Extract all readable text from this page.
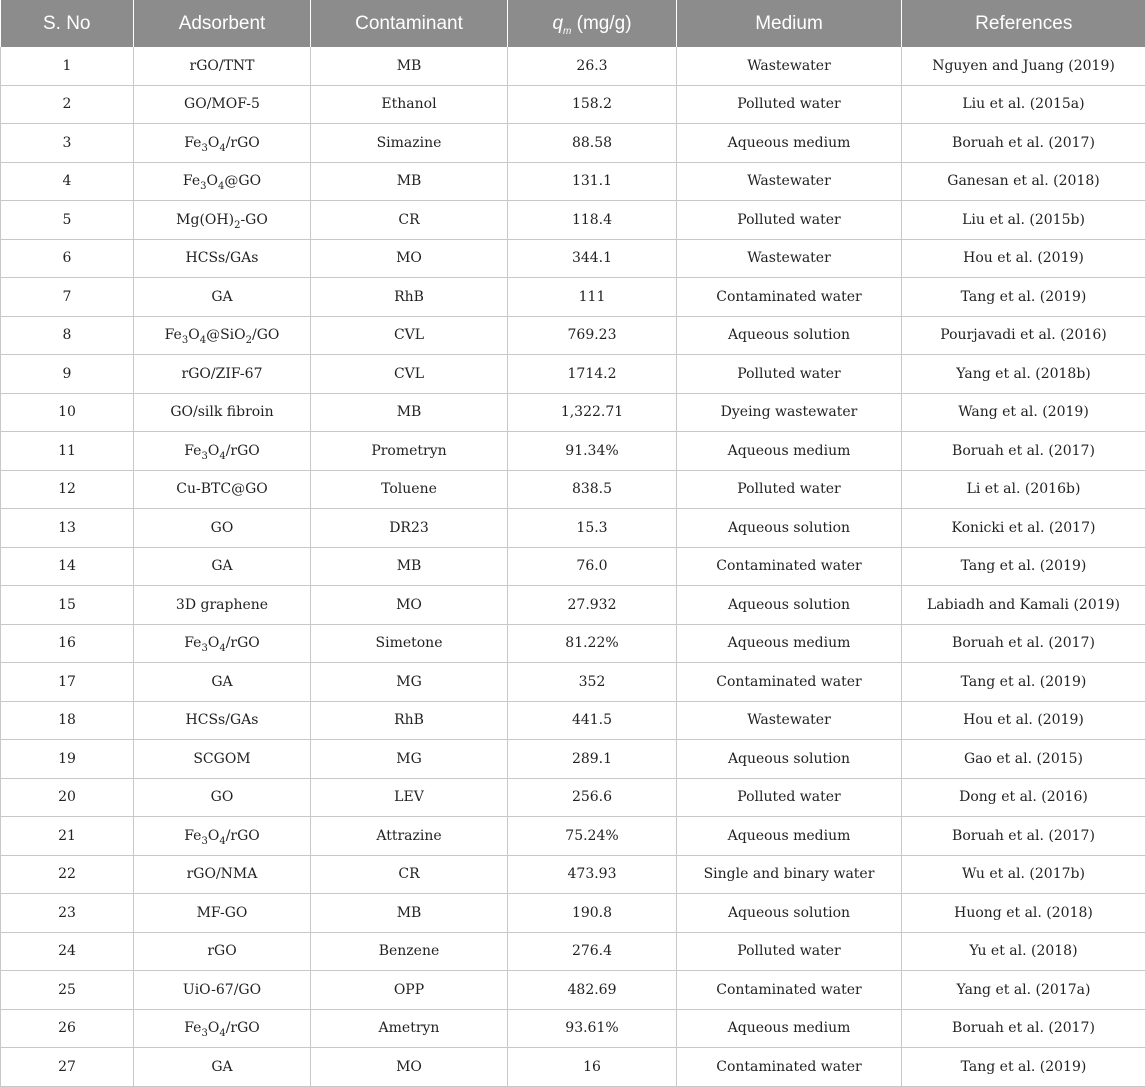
S. No	Adsorbent	Contaminant	$q_m$ (mg/g)	Medium	References
1	rGO/TNT	MB	26.3	Wastewater	Nguyen and Juang (2019)
2	GO/MOF-5	Ethanol	158.2	Polluted water	Liu et al. (2015a)
3	$Fe_3O_4$/rGO	Simazine	88.58	Aqueous medium	Boruah et al. (2017)
4	$Fe_3O_4@GO$	MB	131.1	Wastewater	Ganesan et al. (2018)
5	$Mg(OH)_2-GO$	CR	118.4	Polluted water	Liu et al. (2015b)
6	HCSs/GAs	MO	344.1	Wastewater	Hou et al. (2019)
7	GA	RhB	111	Contaminated water	Tang et al. (2019)
8	$Fe_3O_4@SiO_2/GO$	CVL	769.23	Aqueous solution	Pourjavadi et al. (2016)
9	rGO/ZIF-67	CVL	1714.2	Polluted water	Yang et al. (2018b)
10	GO/silk fibroin	MB	1,322.71	Dyeing wastewater	Wang et al. (2019)
11	$Fe_3O_4$/rGO	Prometryn	91.34%	Aqueous medium	Boruah et al. (2017)
12	Cu-BTC@GO	Toluene	838.5	Polluted water	Li et al. (2016b)
13	GO	DR23	15.3	Aqueous solution	Konicki et al. (2017)
14	GA	MB	76.0	Contaminated water	Tang et al. (2019)
15	3D graphene	MO	27.932	Aqueous solution	Labiadh and Kamali (2019)
16	$Fe_3O_4$/rGO	Simetone	81.22%	Aqueous medium	Boruah et al. (2017)
17	GA	MG	352	Contaminated water	Tang et al. (2019)
18	HCSs/GAs	RhB	441.5	Wastewater	Hou et al. (2019)
19	SCGOM	MG	289.1	Aqueous solution	Gao et al. (2015)
20	GO	LEV	256.6	Polluted water	Dong et al. (2016)
21	$Fe_3O_4$/rGO	Attrazine	75.24%	Aqueous medium	Boruah et al. (2017)
22	rGO/NMA	CR	473.93	Single and binary water	Wu et al. (2017b)
23	MF-GO	MB	190.8	Aqueous solution	Huong et al. (2018)
24	rGO	Benzene	276.4	Polluted water	Yu et al. (2018)
25	UiO-67/GO	OPP	482.69	Contaminated water	Yang et al. (2017a)
26	$Fe_3O_4$/rGO	Ametryn	93.61%	Aqueous medium	Boruah et al. (2017)
27	GA	MO	16	Contaminated water	Tang et al. (2019)
